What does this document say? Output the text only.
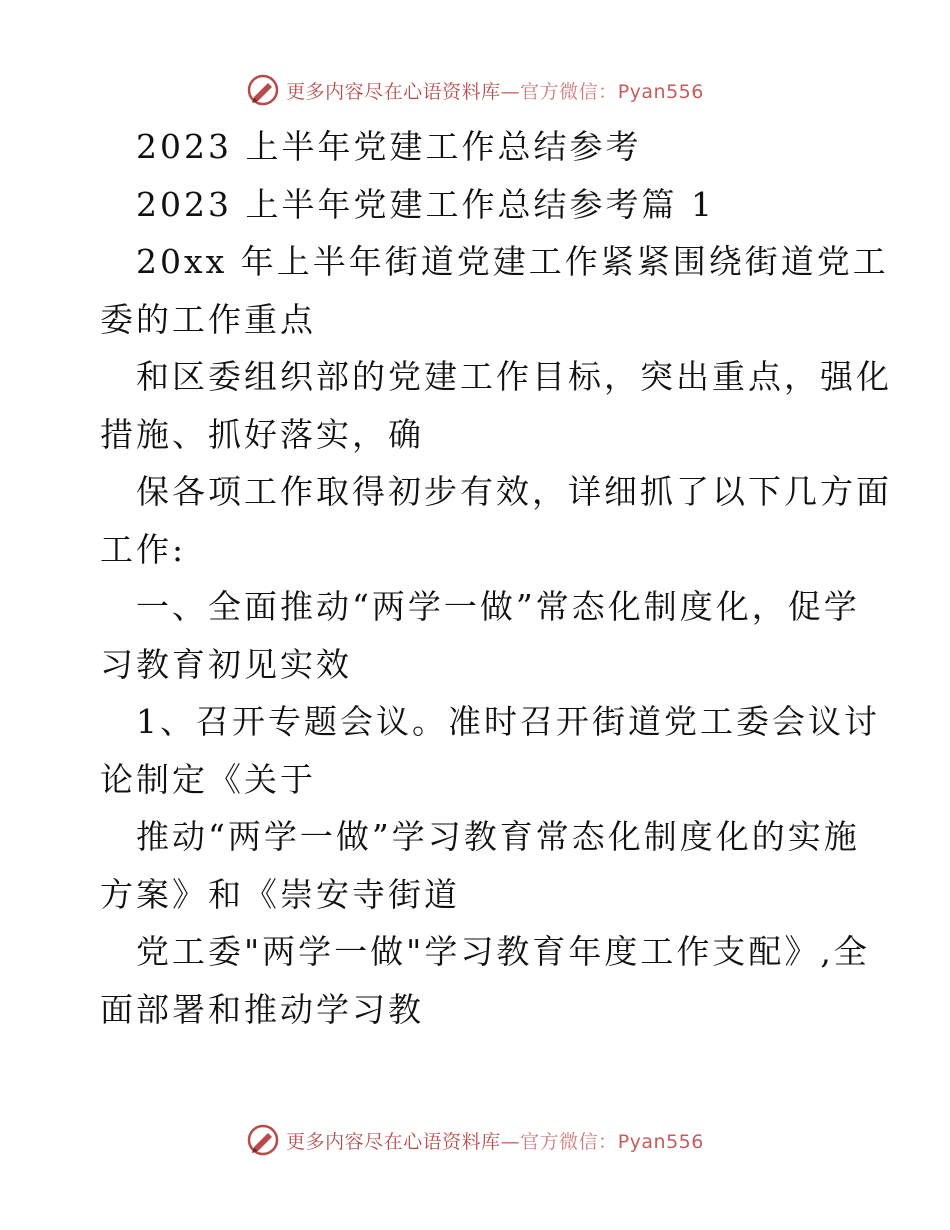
更多内容尽在心语资料库—官方微信：Pyan556
2023 上半年党建工作总结参考
2023 上半年党建工作总结参考篇 1
20xx 年上半年街道党建工作紧紧围绕街道党工
委的工作重点
和区委组织部的党建工作目标，突出重点，强化
措施、抓好落实，确
保各项工作取得初步有效，详细抓了以下几方面
工作:
一、全面推动“两学一做”常态化制度化，促学
习教育初见实效
1、召开专题会议。准时召开街道党工委会议讨
论制定《关于
推动“两学一做”学习教育常态化制度化的实施
方案》和《崇安寺街道
党工委"两学一做"学习教育年度工作支配》,全
面部署和推动学习教
更多内容尽在心语资料库—官方微信：Pyan556
